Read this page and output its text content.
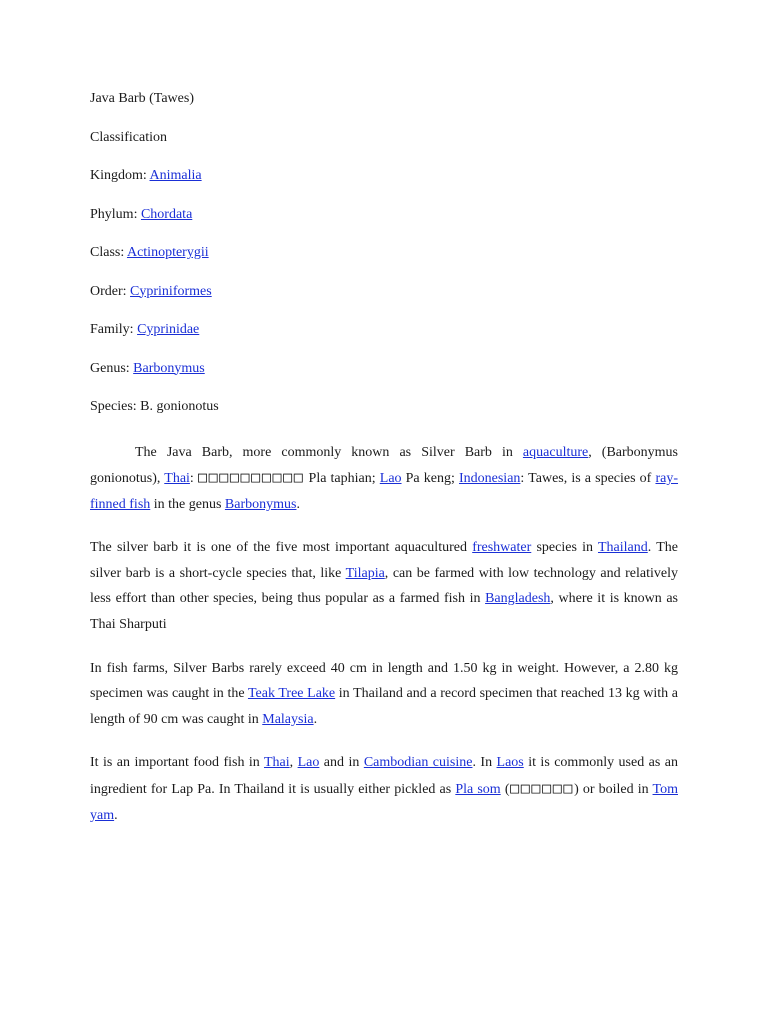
Java Barb (Tawes)

Classification

Kingdom: Animalia

Phylum: Chordata

Class: Actinopterygii

Order: Cypriniformes

Family: Cyprinidae

Genus: Barbonymus

Species: B. gonionotus

The Java Barb, more commonly known as Silver Barb in aquaculture, (Barbonymus gonionotus), Thai: □□□□□□□□□□ Pla taphian; Lao Pa keng; Indonesian: Tawes, is a species of ray-finned fish in the genus Barbonymus.

The silver barb it is one of the five most important aquacultured freshwater species in Thailand. The silver barb is a short-cycle species that, like Tilapia, can be farmed with low technology and relatively less effort than other species, being thus popular as a farmed fish in Bangladesh, where it is known as Thai Sharputi

In fish farms, Silver Barbs rarely exceed 40 cm in length and 1.50 kg in weight. However, a 2.80 kg specimen was caught in the Teak Tree Lake in Thailand and a record specimen that reached 13 kg with a length of 90 cm was caught in Malaysia.

It is an important food fish in Thai, Lao and in Cambodian cuisine. In Laos it is commonly used as an ingredient for Lap Pa. In Thailand it is usually either pickled as Pla som (□□□□□□) or boiled in Tom yam.
